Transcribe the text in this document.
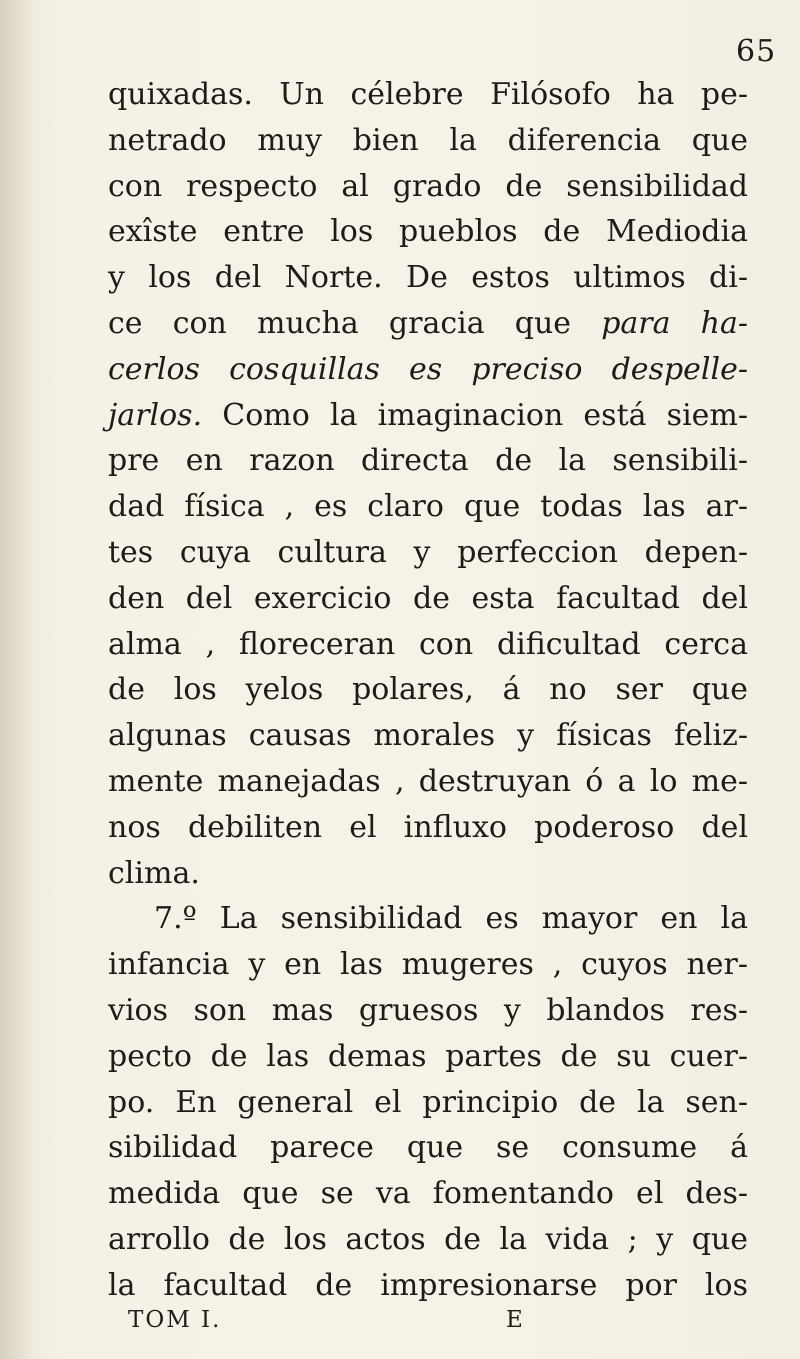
65
quixadas. Un célebre Filósofo ha pe-
netrado muy bien la diferencia que
con respecto al grado de sensibilidad
exîste entre los pueblos de Mediodia
y los del Norte. De estos ultimos di-
ce con mucha gracia que para ha-
cerlos cosquillas es preciso despelle-
jarlos. Como la imaginacion está siem-
pre en razon directa de la sensibili-
dad física , es claro que todas las ar-
tes cuya cultura y perfeccion depen-
den del exercicio de esta facultad del
alma , floreceran con dificultad cerca
de los yelos polares, á no ser que
algunas causas morales y físicas feliz-
mente manejadas , destruyan ó a lo me-
nos debiliten el influxo poderoso del
clima.
7.º La sensibilidad es mayor en la
infancia y en las mugeres , cuyos ner-
vios son mas gruesos y blandos res-
pecto de las demas partes de su cuer-
po. En general el principio de la sen-
sibilidad parece que se consume á
medida que se va fomentando el des-
arrollo de los actos de la vida ; y que
la facultad de impresionarse por los
TOM I.	E
